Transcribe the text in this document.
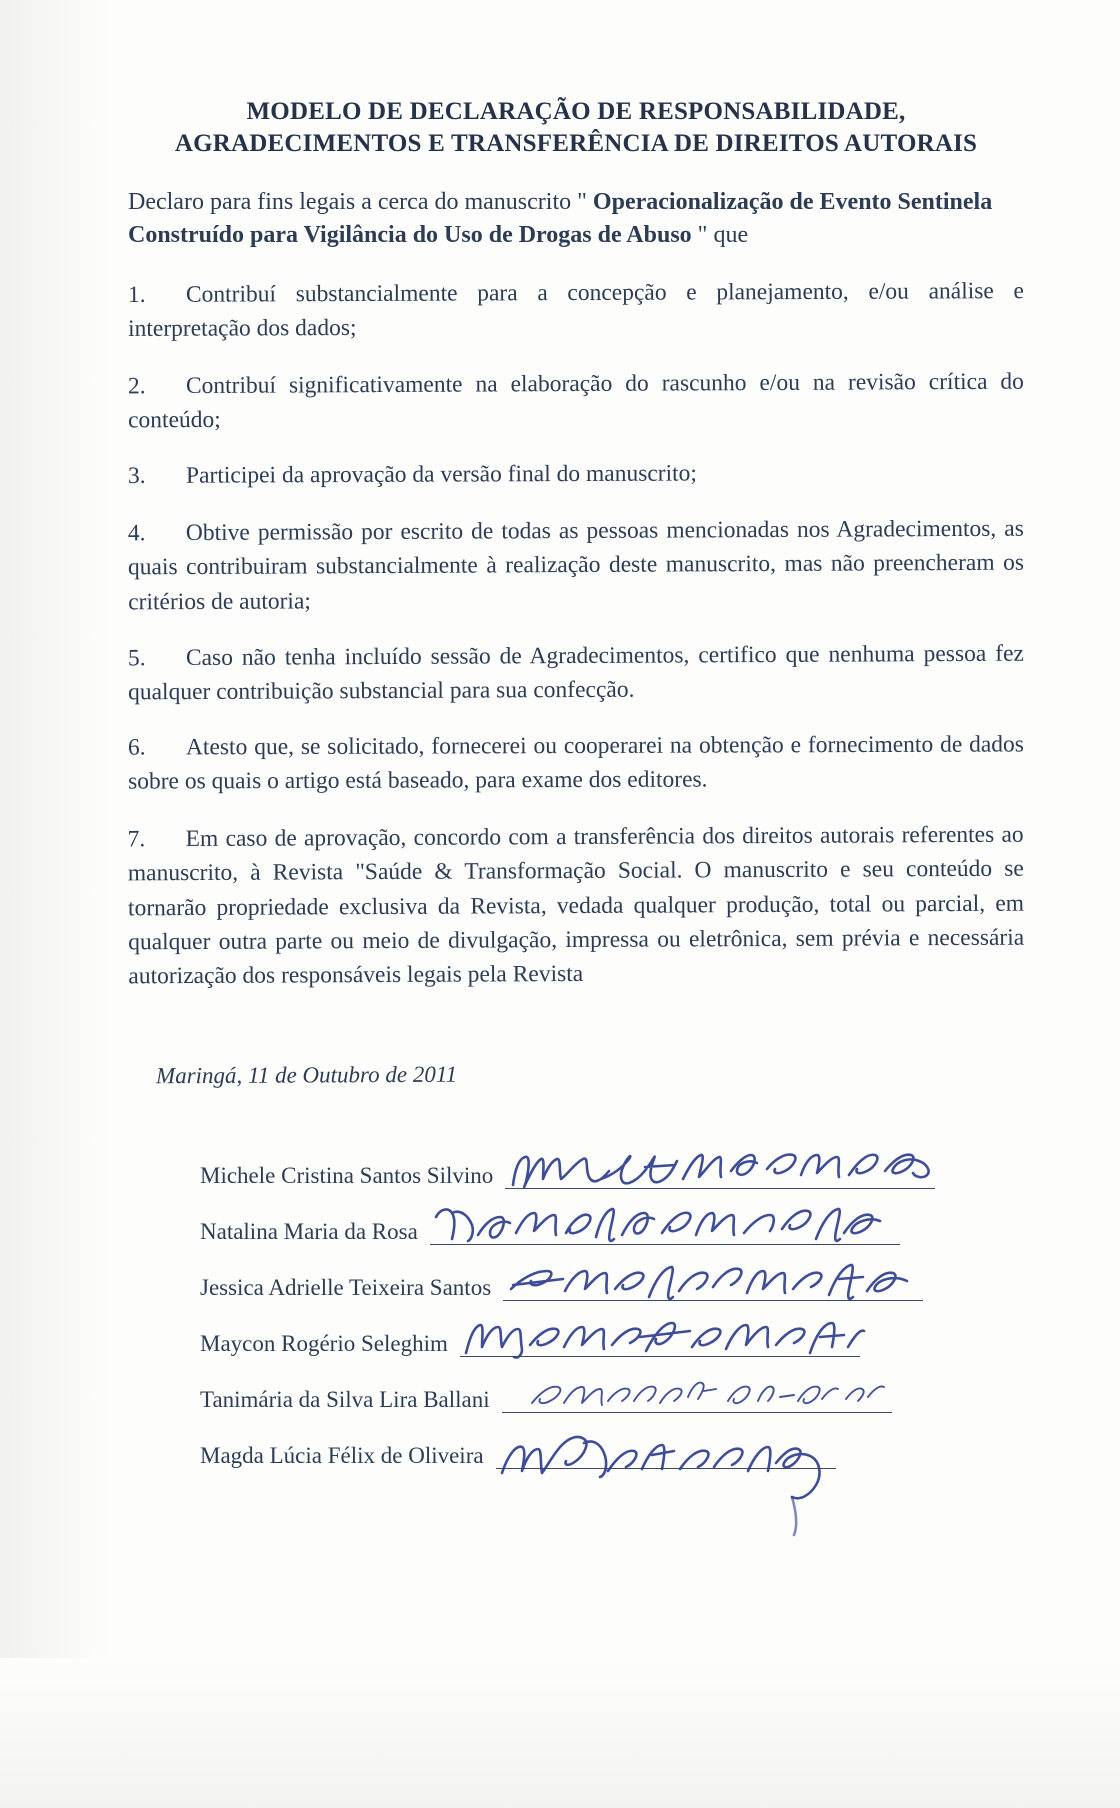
MODELO DE DECLARAÇÃO DE RESPONSABILIDADE,
AGRADECIMENTOS E TRANSFERÊNCIA DE DIREITOS AUTORAIS

Declaro para fins legais a cerca do manuscrito " Operacionalização de Evento Sentinela Construído para Vigilância do Uso de Drogas de Abuso " que

1. Contribuí substancialmente para a concepção e planejamento, e/ou análise e interpretação dos dados;

2. Contribuí significativamente na elaboração do rascunho e/ou na revisão crítica do conteúdo;

3. Participei da aprovação da versão final do manuscrito;

4. Obtive permissão por escrito de todas as pessoas mencionadas nos Agradecimentos, as quais contribuiram substancialmente à realização deste manuscrito, mas não preencheram os critérios de autoria;

5. Caso não tenha incluído sessão de Agradecimentos, certifico que nenhuma pessoa fez qualquer contribuição substancial para sua confecção.

6. Atesto que, se solicitado, fornecerei ou cooperarei na obtenção e fornecimento de dados sobre os quais o artigo está baseado, para exame dos editores.

7. Em caso de aprovação, concordo com a transferência dos direitos autorais referentes ao manuscrito, à Revista "Saúde & Transformação Social. O manuscrito e seu conteúdo se tornarão propriedade exclusiva da Revista, vedada qualquer produção, total ou parcial, em qualquer outra parte ou meio de divulgação, impressa ou eletrônica, sem prévia e necessária autorização dos responsáveis legais pela Revista

Maringá, 11 de Outubro de 2011

Michele Cristina Santos Silvino
Natalina Maria da Rosa
Jessica Adrielle Teixeira Santos
Maycon Rogério Seleghim
Tanimária da Silva Lira Ballani
Magda Lúcia Félix de Oliveira
